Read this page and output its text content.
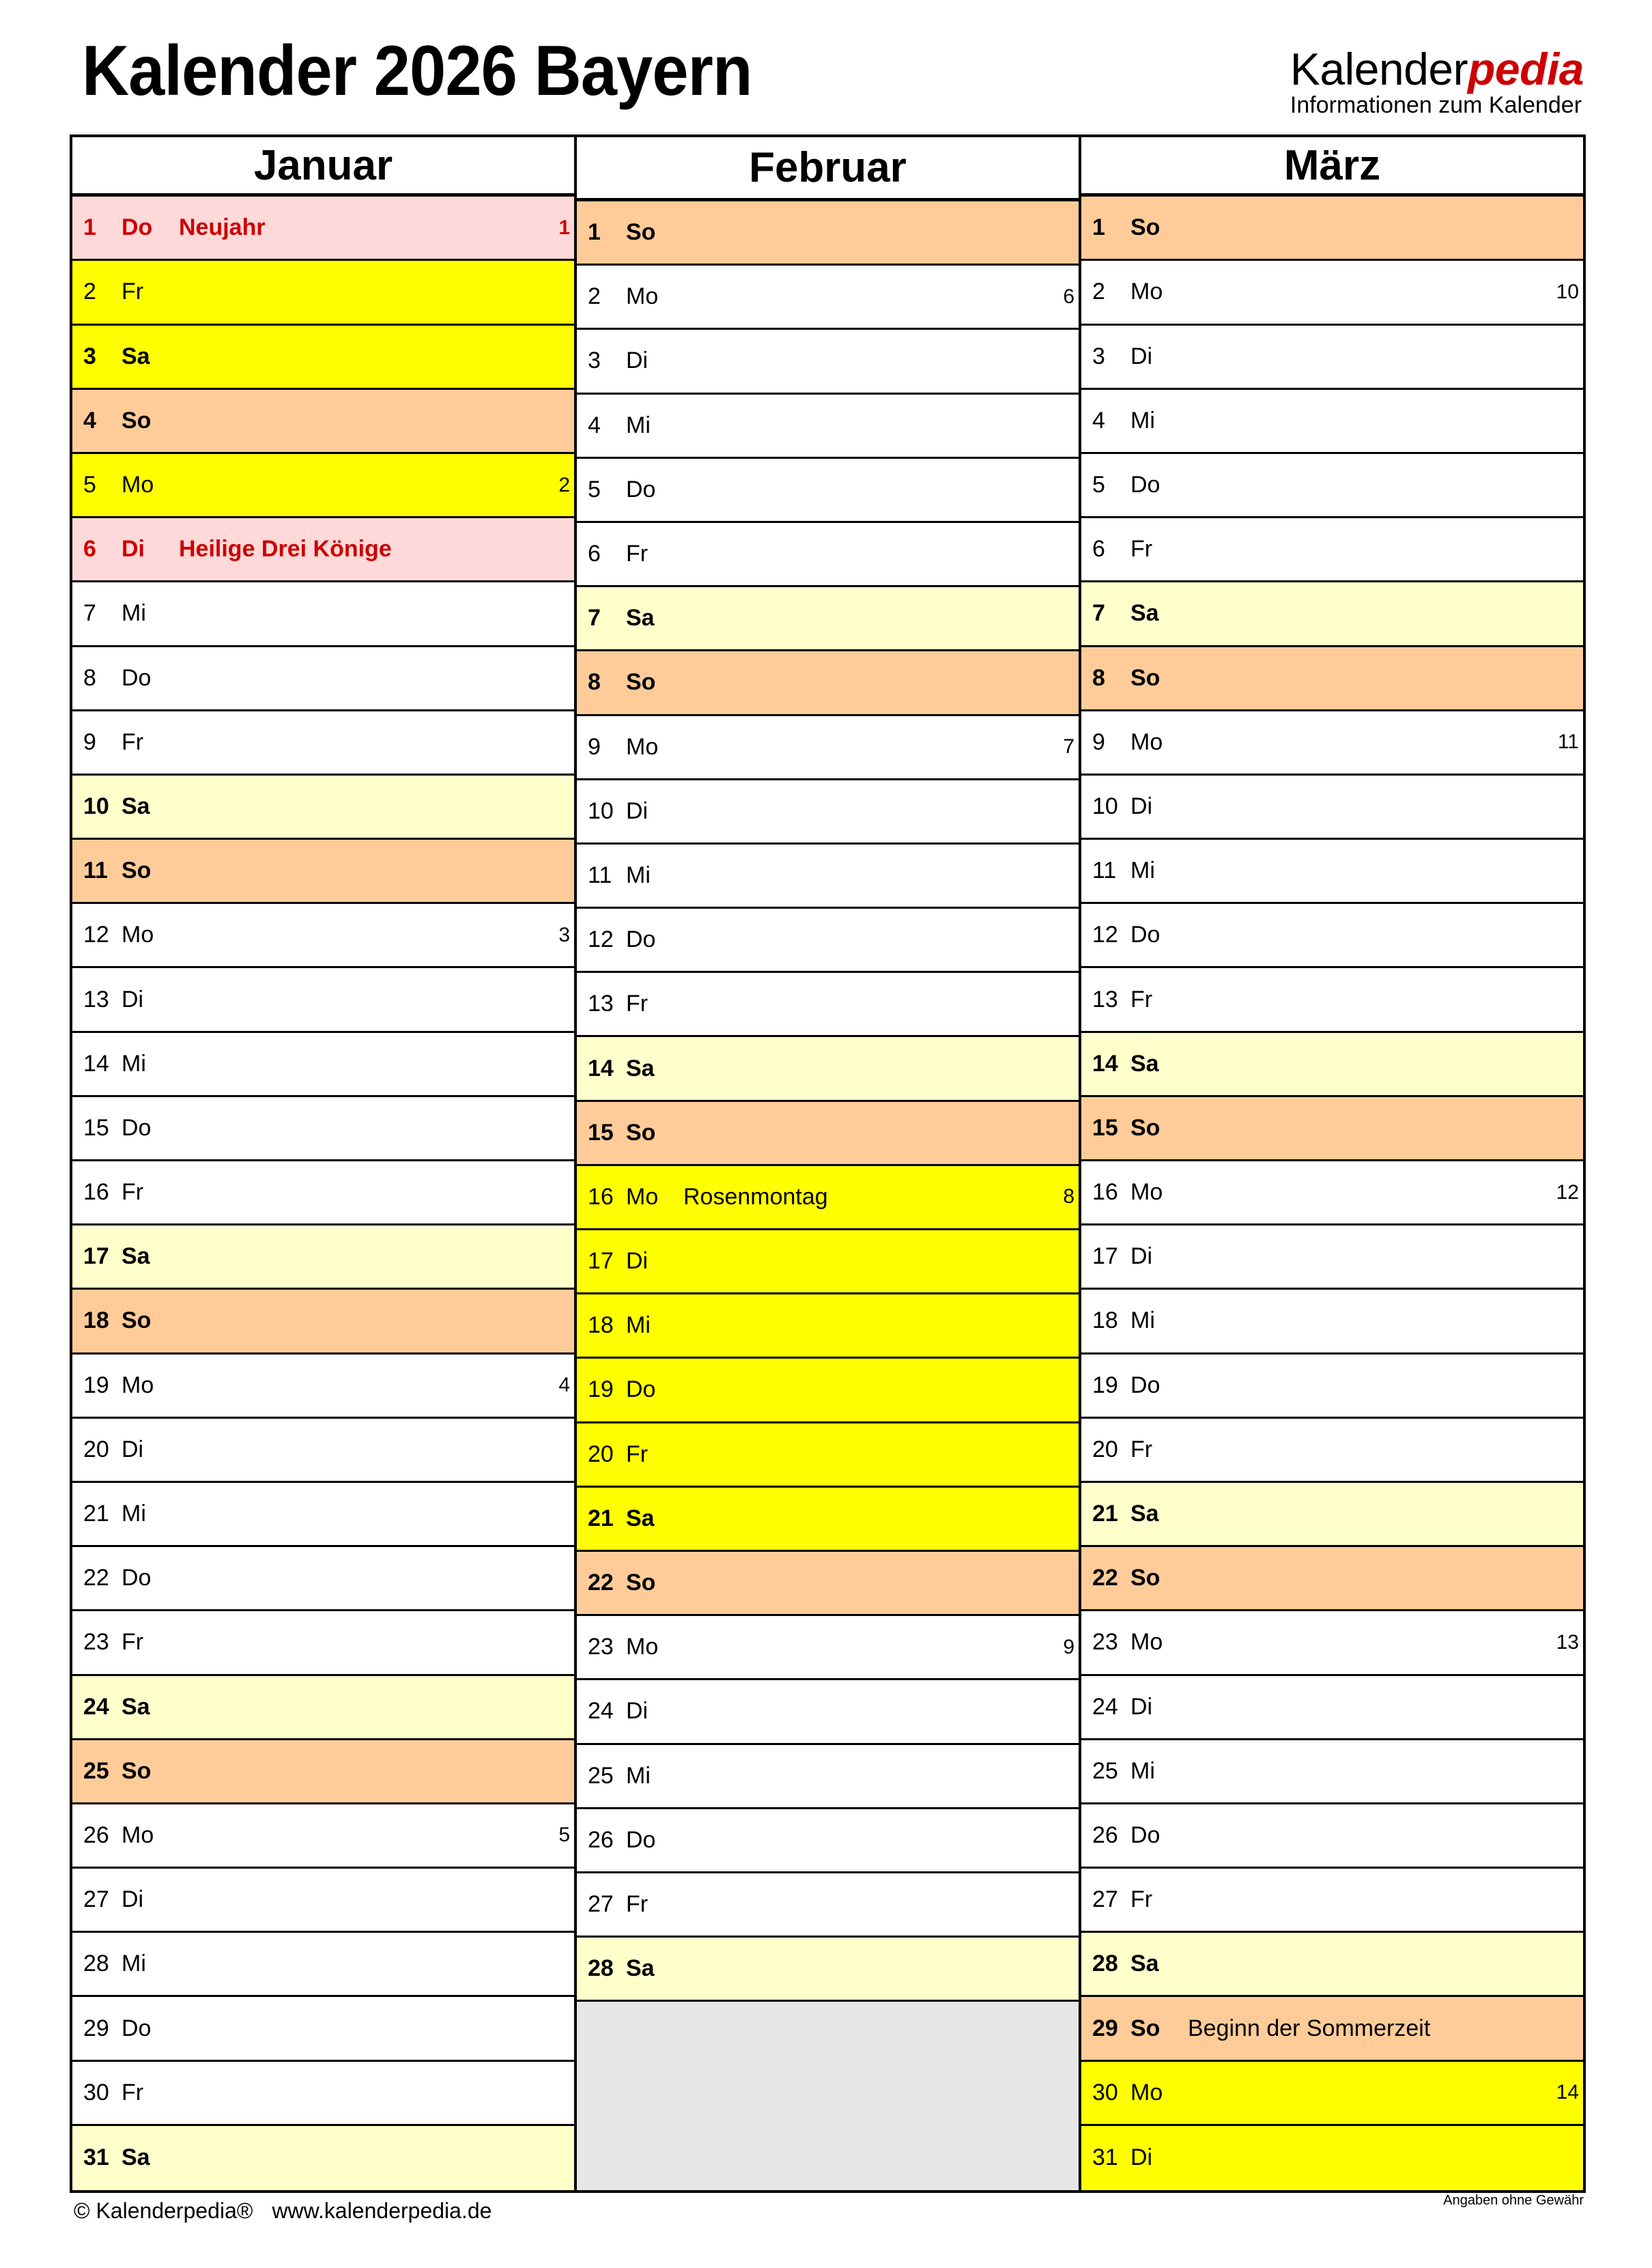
Kalender 2026 Bayern	Kalenderpedia
Informationen zum Kalender
Januar
1	Do	Neujahr	1
2	Fr
3	Sa
4	So
5	Mo	2
6	Di	Heilige Drei Könige
7	Mi
8	Do
9	Fr
10 Sa
11 So
12 Mo	3
13 Di
14 Mi
15 Do
16 Fr
17 Sa
18 So
19 Mo	4
20 Di
21 Mi
22 Do
23 Fr
24 Sa
25 So
26 Mo	5
27 Di
28 Mi
29 Do
30 Fr
31 Sa
Februar
1	So
2	Mo	6
3	Di
4	Mi
5	Do
6	Fr
7	Sa
8	So
9	Mo	7
10 Di
11 Mi
12 Do
13 Fr
14 Sa
15 So
16 Mo	Rosenmontag	8
17 Di
18 Mi
19 Do
20 Fr
21 Sa
22 So
23 Mo	9
24 Di
25 Mi
26 Do
27 Fr
28 Sa
März
1	So
2	Mo	10
3	Di
4	Mi
5	Do
6	Fr
7	Sa
8	So
9	Mo	11
10 Di
11 Mi
12 Do
13 Fr
14 Sa
15 So
16 Mo	12
17 Di
18 Mi
19 Do
20 Fr
21 Sa
22 So
23 Mo	13
24 Di
25 Mi
26 Do
27 Fr
28 Sa
29 So	Beginn der Sommerzeit
30 Mo	14
31 Di
© Kalenderpedia® www.kalenderpedia.de	Angaben ohne Gewähr
